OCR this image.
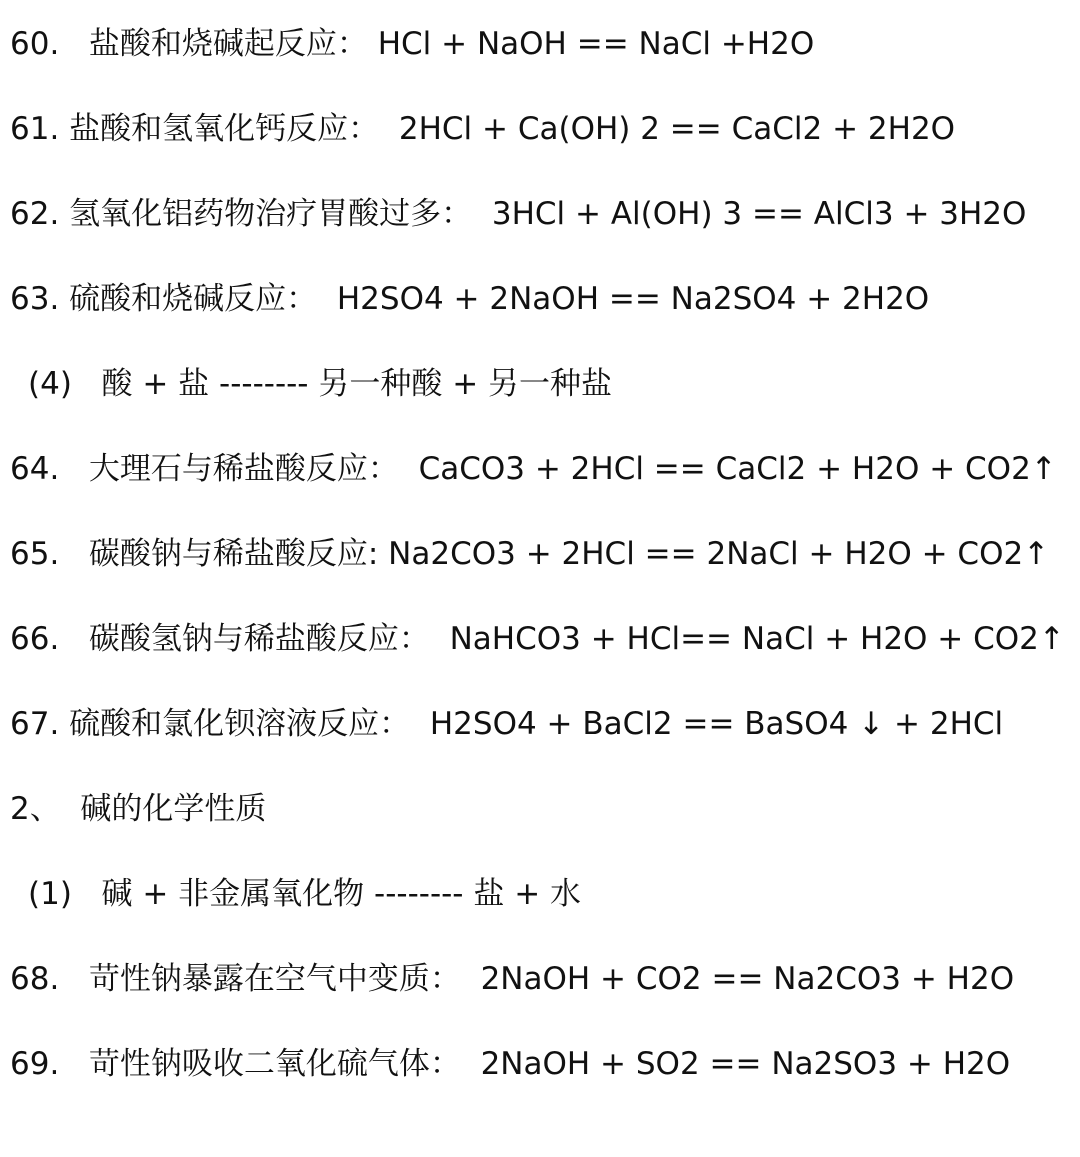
60.   盐酸和烧碱起反应： HCl + NaOH == NaCl +H2O
61. 盐酸和氢氧化钙反应：  2HCl + Ca(OH) 2 == CaCl2 + 2H2O
62. 氢氧化铝药物治疗胃酸过多：  3HCl + Al(OH) 3 == AlCl3 + 3H2O
63. 硫酸和烧碱反应：  H2SO4 + 2NaOH == Na2SO4 + 2H2O
(4)   酸 + 盐 -------- 另一种酸 + 另一种盐
64.   大理石与稀盐酸反应：  CaCO3 + 2HCl == CaCl2 + H2O + CO2↑
65.   碳酸钠与稀盐酸反应: Na2CO3 + 2HCl == 2NaCl + H2O + CO2↑
66.   碳酸氢钠与稀盐酸反应：  NaHCO3 + HCl== NaCl + H2O + CO2↑
67. 硫酸和氯化钡溶液反应：  H2SO4 + BaCl2 == BaSO4 ↓ + 2HCl
2、  碱的化学性质
(1)   碱 + 非金属氧化物 -------- 盐 + 水
68.   苛性钠暴露在空气中变质：  2NaOH + CO2 == Na2CO3 + H2O
69.   苛性钠吸收二氧化硫气体：  2NaOH + SO2 == Na2SO3 + H2O
